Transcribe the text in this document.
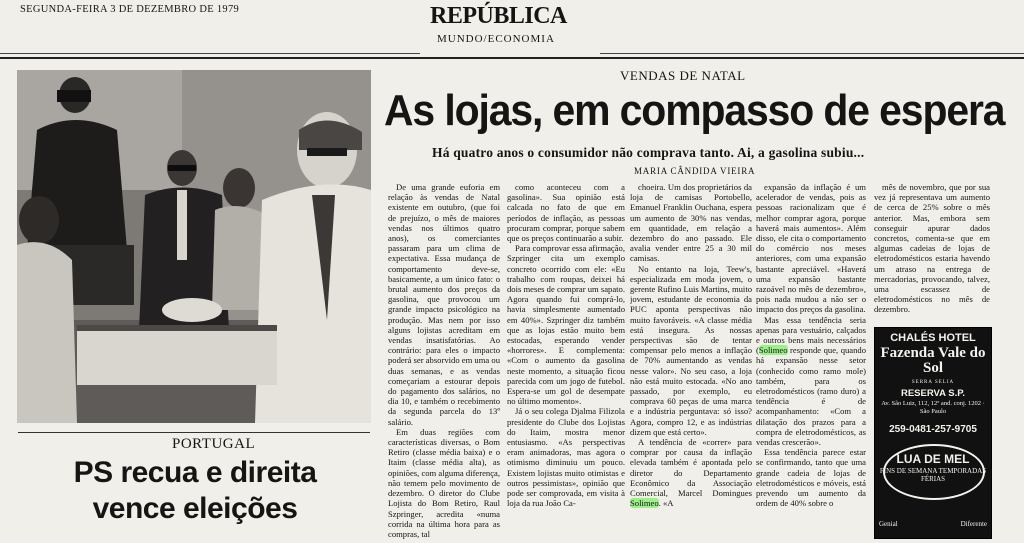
SEGUNDA-FEIRA 3 DE DEZEMBRO DE 1979	REPÚBLICA
MUNDO/ECONOMIA
PORTUGAL
PS recua e direita
vence eleições
VENDAS DE NATAL
As lojas, em compasso de espera
Há quatro anos o consumidor não comprava tanto. Ai, a gasolina subiu...
MARIA CÂNDIDA VIEIRA

De uma grande euforia em relação às vendas de Natal existente em outubro, (que foi de prejuízo, o mês de maiores vendas nos últimos quatro anos), os comerciantes passaram para um clima de expectativa. Essa mudança de comportamento deve-se, basicamente, a um único fato: o brutal aumento dos preços da gasolina, que provocou um grande impacto psicológico na produção. Mas nem por isso alguns lojistas acreditam em vendas insatisfatórias. Ao contrário: para eles o impacto poderá ser absorvido em uma ou duas semanas, e as vendas começariam a estourar depois do pagamento dos salários, no dia 10, e também o recebimento da segunda parcela do 13º salário.

Em duas regiões com características diversas, o Bom Retiro (classe média baixa) e o Itaim (classe média alta), as opiniões, com alguma diferença, não temem pelo movimento de dezembro. O diretor do Clube Lojista do Bom Retiro, Raul Szpringer, acredita «numa corrida na última hora para as compras, tal

como aconteceu com a gasolina». Sua opinião está calcada no fato de que em períodos de inflação, as pessoas procuram comprar, porque sabem que os preços continuarão a subir.

Para comprovar essa afirmação, Szpringer cita um exemplo concreto ocorrido com ele: «Eu trabalho com roupas, deixei há dois meses de comprar um sapato. Agora quando fui comprá-lo, havia simplesmente aumentado em 40%». Szpringer diz também que as lojas estão muito bem estocadas, esperando vender «horrores». E complementa: «Com o aumento da gasolina neste momento, a situação ficou parecida com um jogo de futebol. Espera-se um gol de desempate no último momento».

Já o seu colega Djalma Filizola presidente do Clube dos Lojistas do Itaim, mostra menor entusiasmo. «As perspectivas eram animadoras, mas agora o otimismo diminuiu um pouco. Existem lojistas muito otimistas e outros pessimistas», opinião que pode ser comprovada, em visita à loja da rua João Ca-

choeira. Um dos proprietários da loja de camisas Portobello, Emanuel Franklin Ouchana, espera um aumento de 30% nas vendas, em quantidade, em relação a dezembro do ano passado. Ele avalia vender entre 25 a 30 mil camisas.

No entanto na loja, Teew's, especializada em moda jovem, o gerente Rufino Luis Martins, muito jovem, estudante de economia da PUC aponta perspectivas não muito favoráveis. «A classe média está insegura. As nossas perspectivas são de tentar compensar pelo menos a inflação de 70% aumentando as vendas nesse valor». No seu caso, a loja não está muito estocada. «No ano passado, por exemplo, eu comprava 60 peças de uma marca e a indústria perguntava: só isso? Agora, compro 12, e as indústrias dizem que está certo».

A tendência de «correr» para comprar por causa da inflação elevada também é apontada pelo diretor do Departamento Econômico da Associação Comercial, Marcel Domingues Solimeo. «A

expansão da inflação é um acelerador de vendas, pois as pessoas racionalizam que é melhor comprar agora, porque haverá mais aumentos». Além disso, ele cita o comportamento do comércio nos meses anteriores, com uma expansão bastante apreciável. «Haverá uma expansão bastante razoável no mês de dezembro», pois nada mudou a não ser o impacto dos preços da gasolina.

Mas essa tendência seria apenas para vestuário, calçados e outros bens mais necessários (Solimeo responde que, quando há expansão nesse setor (conhecido como ramo mole) também, para os eletrodomésticos (ramo duro) a tendência é de acompanhamento: «Com a dilatação dos prazos para a compra de eletrodomésticos, as vendas crescerão».

Essa tendência parece estar se confirmando, tanto que uma grande cadeia de lojas de eletrodomésticos e móveis, está prevendo um aumento da ordem de 40% sobre o

mês de novembro, que por sua vez já representava um aumento de cerca de 25% sobre o mês anterior. Mas, embora sem conseguir apurar dados concretos, comenta-se que em algumas cadeias de lojas de eletrodomésticos estaria havendo um atraso na entrega de mercadorias, provocando, talvez, uma escassez de eletrodomésticos no mês de dezembro.

CHALÉS HOTEL
Fazenda Vale do Sol
SERRA SELIA
RESERVA S.P.
Av. São Luiz, 112, 12º and. conj. 1202 · São Paulo
259-0481-257-9705
LUA DE MEL
FINS DE SEMANA TEMPORADAS FÉRIAS
Genial	Diferente
